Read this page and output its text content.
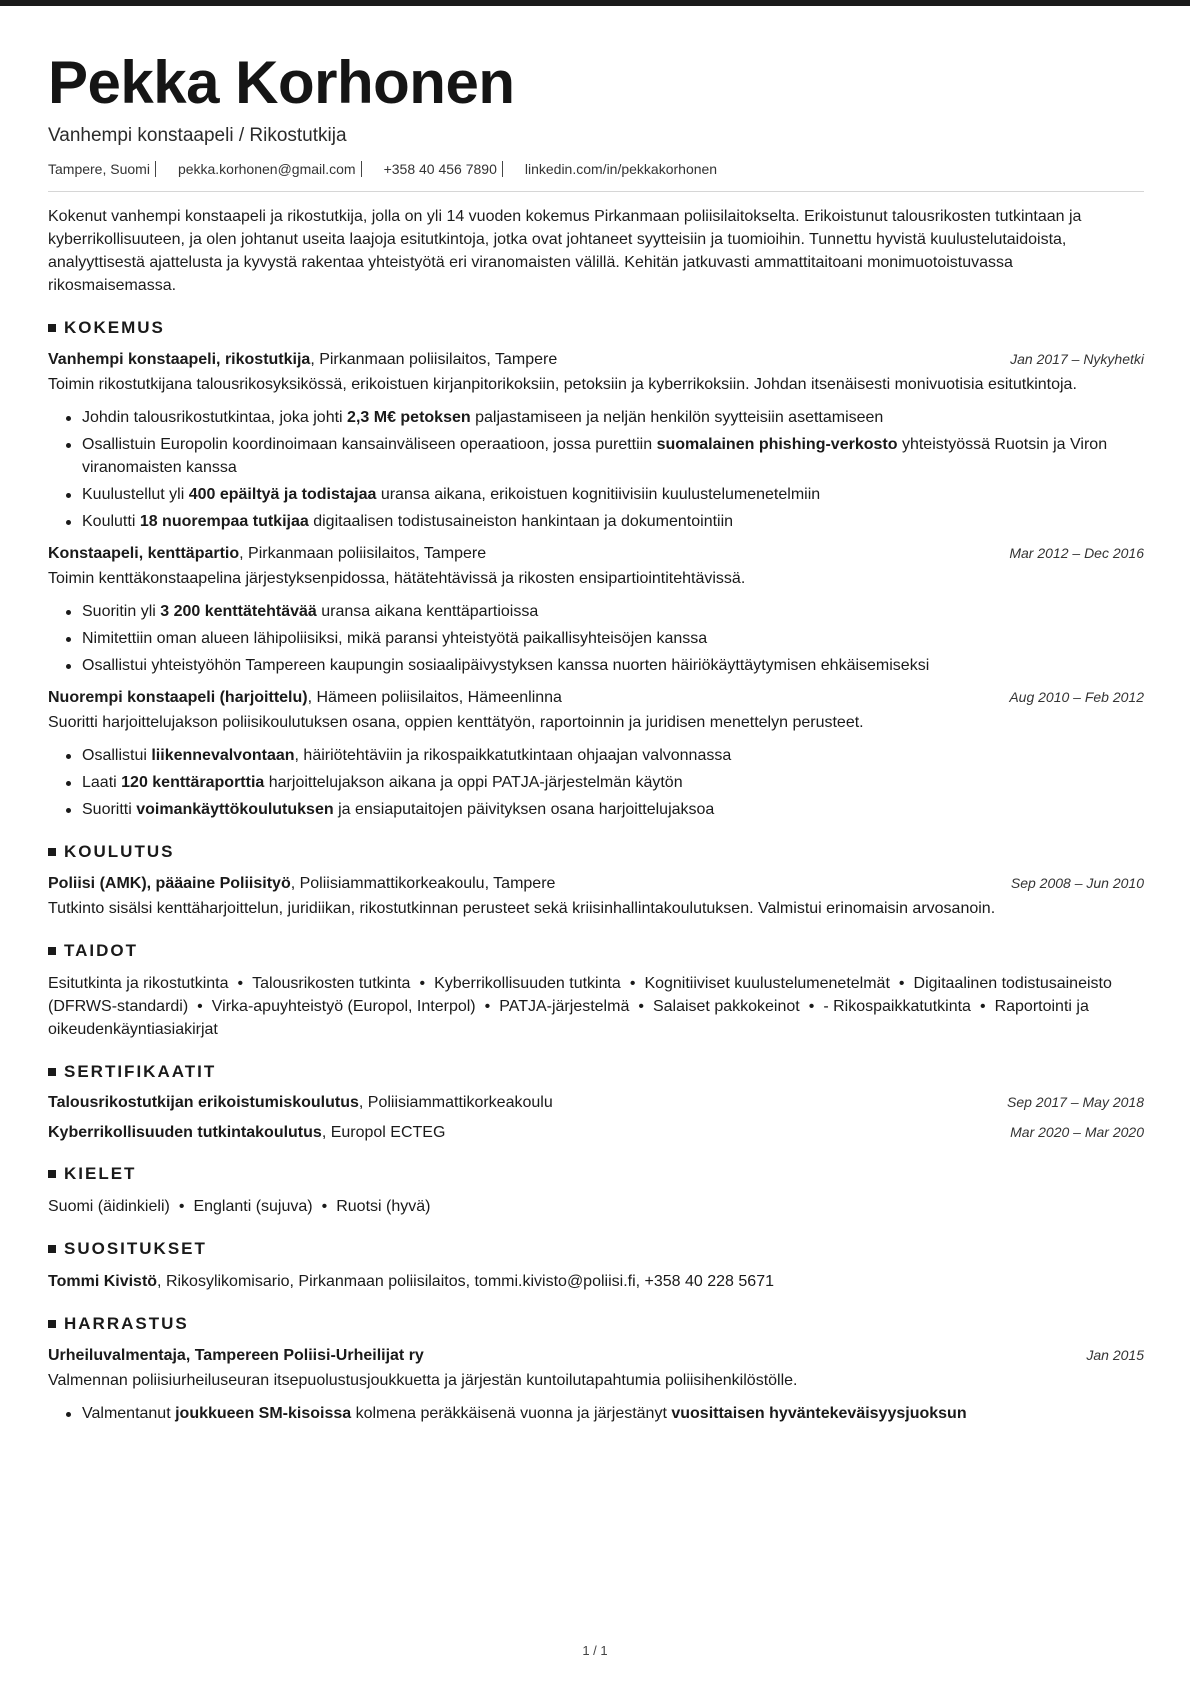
Pekka Korhonen
Vanhempi konstaapeli / Rikostutkija
Tampere, Suomi pekka.korhonen@gmail.com +358 40 456 7890 linkedin.com/in/pekkakorhonen

Kokenut vanhempi konstaapeli ja rikostutkija, jolla on yli 14 vuoden kokemus Pirkanmaan poliisilaitokselta. Erikoistunut talousrikosten tutkintaan ja kyberrikollisuuteen, ja olen johtanut useita laajoja esitutkintoja, jotka ovat johtaneet syytteisiin ja tuomioihin. Tunnettu hyvistä kuulustelutaidoista, analyyttisestä ajattelusta ja kyvystä rakentaa yhteistyötä eri viranomaisten välillä. Kehitän jatkuvasti ammattitaitoani monimuotoistuvassa rikosmaisemassa.

KOKEMUS
Vanhempi konstaapeli, rikostutkija, Pirkanmaan poliisilaitos, Tampere	Jan 2017 – Nykyhetki
Toimin rikostutkijana talousrikosyksikössä, erikoistuen kirjanpitorikoksiin, petoksiin ja kyberrikoksiin. Johdan itsenäisesti monivuotisia esitutkintoja.
Johdin talousrikostutkintaa, joka johti 2,3 M€ petoksen paljastamiseen ja neljän henkilön syytteisiin asettamiseen
Osallistuin Europolin koordinoimaan kansainväliseen operaatioon, jossa purettiin suomalainen phishing-verkosto yhteistyössä Ruotsin ja Viron viranomaisten kanssa
Kuulustellut yli 400 epäiltyä ja todistajaa uransa aikana, erikoistuen kognitiivisiin kuulustelumenetelmiin
Koulutti 18 nuorempaa tutkijaa digitaalisen todistusaineiston hankintaan ja dokumentointiin
Konstaapeli, kenttäpartio, Pirkanmaan poliisilaitos, Tampere	Mar 2012 – Dec 2016
Toimin kenttäkonstaapelina järjestyksenpidossa, hätätehtävissä ja rikosten ensipartiointitehtävissä.
Suoritin yli 3 200 kenttätehtävää uransa aikana kenttäpartioissa
Nimitettiin oman alueen lähipoliisiksi, mikä paransi yhteistyötä paikallisyhteisöjen kanssa
Osallistui yhteistyöhön Tampereen kaupungin sosiaalipäivystyksen kanssa nuorten häiriökäyttäytymisen ehkäisemiseksi
Nuorempi konstaapeli (harjoittelu), Hämeen poliisilaitos, Hämeenlinna	Aug 2010 – Feb 2012
Suoritti harjoittelujakson poliisikoulutuksen osana, oppien kenttätyön, raportoinnin ja juridisen menettelyn perusteet.
Osallistui liikennevalvontaan, häiriötehtäviin ja rikospaikkatutkintaan ohjaajan valvonnassa
Laati 120 kenttäraporttia harjoittelujakson aikana ja oppi PATJA-järjestelmän käytön
Suoritti voimankäyttökoulutuksen ja ensiaputaitojen päivityksen osana harjoittelujaksoa
KOULUTUS
Poliisi (AMK), pääaine Poliisityö, Poliisiammattikorkeakoulu, Tampere	Sep 2008 – Jun 2010
Tutkinto sisälsi kenttäharjoittelun, juridiikan, rikostutkinnan perusteet sekä kriisinhallintakoulutuksen. Valmistui erinomaisin arvosanoin.
TAIDOT
Esitutkinta ja rikostutkinta • Talousrikosten tutkinta • Kyberrikollisuuden tutkinta • Kognitiiviset kuulustelumenetelmät • Digitaalinen todistusaineisto (DFRWS-standardi) • Virka-apuyhteistyö (Europol, Interpol) • PATJA-järjestelmä • Salaiset pakkokeinot • - Rikospaikkatutkinta • Raportointi ja oikeudenkäyntiasiakirjat
SERTIFIKAATIT
Talousrikostutkijan erikoistumiskoulutus, Poliisiammattikorkeakoulu	Sep 2017 – May 2018
Kyberrikollisuuden tutkintakoulutus, Europol ECTEG	Mar 2020 – Mar 2020
KIELET
Suomi (äidinkieli) • Englanti (sujuva) • Ruotsi (hyvä)
SUOSITUKSET
Tommi Kivistö, Rikosylikomisario, Pirkanmaan poliisilaitos, tommi.kivisto@poliisi.fi, +358 40 228 5671
HARRASTUS
Urheiluvalmentaja, Tampereen Poliisi-Urheilijat ry	Jan 2015
Valmennan poliisiurheiluseuran itsepuolustusjoukkuetta ja järjestän kuntoilutapahtumia poliisihenkilöstölle.
Valmentanut joukkueen SM-kisoissa kolmena peräkkäisenä vuonna ja järjestänyt vuosittaisen hyväntekeväisyysjuoksun
1 / 1
